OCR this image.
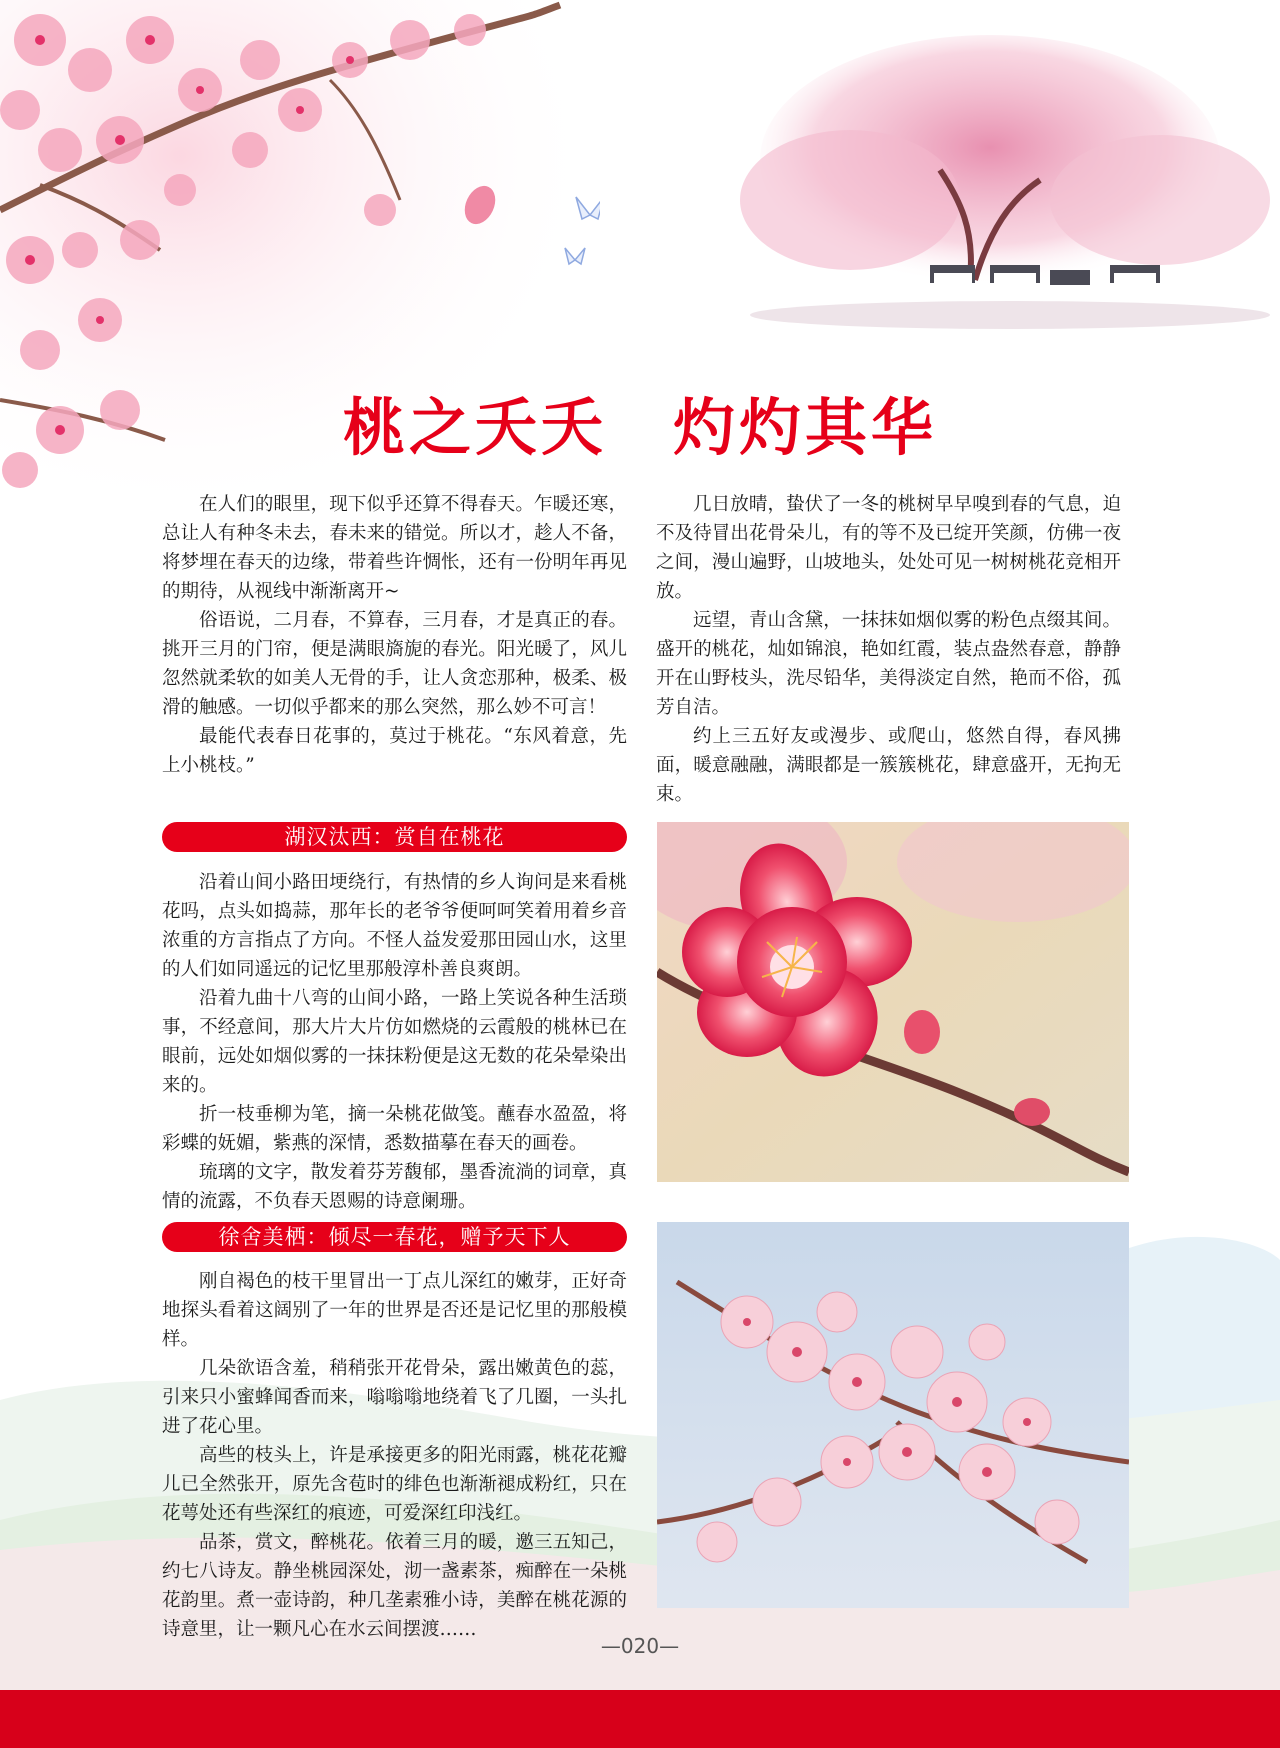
桃之夭夭　灼灼其华

在人们的眼里，现下似乎还算不得春天。乍暖还寒，总让人有种冬未去，春未来的错觉。所以才，趁人不备，将梦埋在春天的边缘，带着些许惆怅，还有一份明年再见的期待，从视线中渐渐离开~

俗语说，二月春，不算春，三月春，才是真正的春。挑开三月的门帘，便是满眼旖旎的春光。阳光暖了，风儿忽然就柔软的如美人无骨的手，让人贪恋那种，极柔、极滑的触感。一切似乎都来的那么突然，那么妙不可言！

最能代表春日花事的，莫过于桃花。“东风着意，先上小桃枝。”

几日放晴，蛰伏了一冬的桃树早早嗅到春的气息，迫不及待冒出花骨朵儿，有的等不及已绽开笑颜，仿佛一夜之间，漫山遍野，山坡地头，处处可见一树树桃花竞相开放。

远望，青山含黛，一抹抹如烟似雾的粉色点缀其间。盛开的桃花，灿如锦浪，艳如红霞，装点盎然春意，静静开在山野枝头，洗尽铅华，美得淡定自然，艳而不俗，孤芳自洁。

约上三五好友或漫步、或爬山，悠然自得，春风拂面，暖意融融，满眼都是一簇簇桃花，肆意盛开，无拘无束。

湖汉汰西：赏自在桃花

沿着山间小路田埂绕行，有热情的乡人询问是来看桃花吗，点头如捣蒜，那年长的老爷爷便呵呵笑着用着乡音浓重的方言指点了方向。不怪人益发爱那田园山水，这里的人们如同遥远的记忆里那般淳朴善良爽朗。

沿着九曲十八弯的山间小路，一路上笑说各种生活琐事，不经意间，那大片大片仿如燃烧的云霞般的桃林已在眼前，远处如烟似雾的一抹抹粉便是这无数的花朵晕染出来的。

折一枝垂柳为笔，摘一朵桃花做笺。蘸春水盈盈，将彩蝶的妩媚，紫燕的深情，悉数描摹在春天的画卷。

琉璃的文字，散发着芬芳馥郁，墨香流淌的词章，真情的流露，不负春天恩赐的诗意阑珊。

徐舍美栖：倾尽一春花，赠予天下人

刚自褐色的枝干里冒出一丁点儿深红的嫩芽，正好奇地探头看着这阔别了一年的世界是否还是记忆里的那般模样。

几朵欲语含羞，稍稍张开花骨朵，露出嫩黄色的蕊，引来只小蜜蜂闻香而来，嗡嗡嗡地绕着飞了几圈，一头扎进了花心里。

高些的枝头上，许是承接更多的阳光雨露，桃花花瓣儿已全然张开，原先含苞时的绯色也渐渐褪成粉红，只在花萼处还有些深红的痕迹，可爱深红印浅红。

品茶，赏文，醉桃花。依着三月的暖，邀三五知己，约七八诗友。静坐桃园深处，沏一盏素茶，痴醉在一朵桃花韵里。煮一壶诗韵，种几垄素雅小诗，美醉在桃花源的诗意里，让一颗凡心在水云间摆渡……

—020—
